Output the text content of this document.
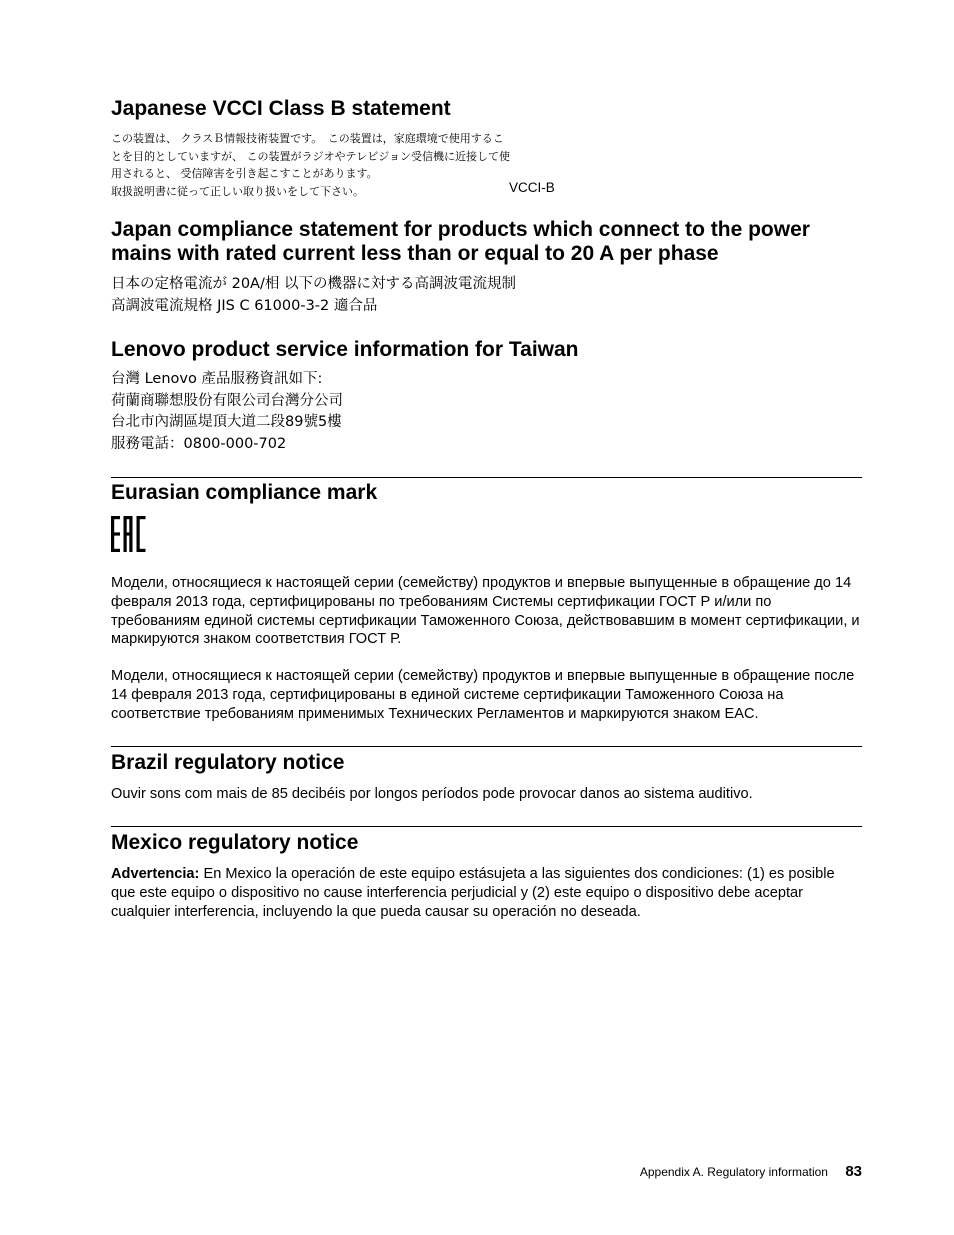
Japanese VCCI Class B statement
この装置は、 クラスＢ情報技術装置です。　この装置は，家庭環境で使用するこ
とを目的としていますが、 この装置がラジオやテレビジョン受信機に近接して使
用されると、 受信障害を引き起こすことがあります。
取扱説明書に従って正しい取り扱いをして下さい。	VCCI-B
Japan compliance statement for products which connect to the power
mains with rated current less than or equal to 20 A per phase
日本の定格電流が 20A/相 以下の機器に対する高調波電流規制
高調波電流規格 JIS C 61000-3-2 適合品
Lenovo product service information for Taiwan
台灣 Lenovo 產品服務資訊如下:
荷蘭商聯想股份有限公司台灣分公司
台北市內湖區堤頂大道二段89號5樓
服務電話：0800-000-702
Eurasian compliance mark

Модели, относящиеся к настоящей серии (семейству) продуктов и впервые выпущенные в обращение до 14 февраля 2013 года, сертифицированы по требованиям Системы сертификации ГОСТ Р и/или по требованиям единой системы сертификации Таможенного Союза, действовавшим в момент сертификации, и маркируются знаком соответствия ГОСТ Р.

Модели, относящиеся к настоящей серии (семейству) продуктов и впервые выпущенные в обращение после 14 февраля 2013 года, сертифицированы в единой системе сертификации Таможенного Союза на соответствие требованиям применимых Технических Регламентов и маркируются знаком EAC.

Brazil regulatory notice

Ouvir sons com mais de 85 decibéis por longos períodos pode provocar danos ao sistema auditivo.

Mexico regulatory notice

Advertencia: En Mexico la operación de este equipo estásujeta a las siguientes dos condiciones: (1) es posible que este equipo o dispositivo no cause interferencia perjudicial y (2) este equipo o dispositivo debe aceptar cualquier interferencia, incluyendo la que pueda causar su operación no deseada.

Appendix A. Regulatory information 83
